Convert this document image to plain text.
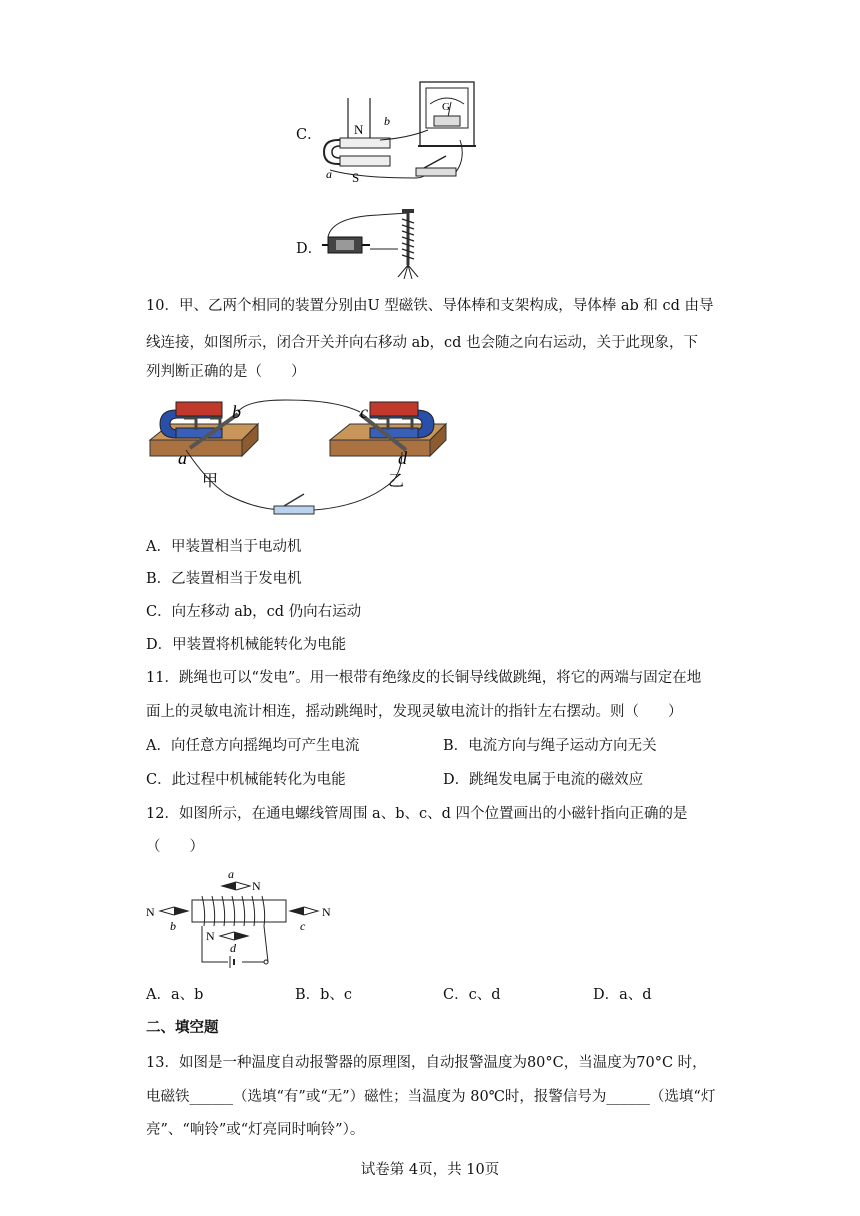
C． N
S
a
b
G
D．
10．甲、乙两个相同的装置分别由U 型磁铁、导体棒和支架构成，导体棒 ab 和 cd 由导
线连接，如图所示，闭合开关并向右移动 ab，cd 也会随之向右运动，关于此现象，下
列判断正确的是（　　）
b
a
甲
c
d
乙
A．甲装置相当于电动机
B．乙装置相当于发电机
C．向左移动 ab，cd 仍向右运动
D．甲装置将机械能转化为电能
11．跳绳也可以“发电”。用一根带有绝缘皮的长铜导线做跳绳，将它的两端与固定在地
面上的灵敏电流计相连，摇动跳绳时，发现灵敏电流计的指针左右摆动。则（　　）
A．向任意方向摇绳均可产生电流	B．电流方向与绳子运动方向无关
C．此过程中机械能转化为电能	D．跳绳发电属于电流的磁效应
12．如图所示，在通电螺线管周围 a、b、c、d 四个位置画出的小磁针指向正确的是
（　　）
a
N
N
b
N
c
N
d
A．a、b	B．b、c	C．c、d	D．a、d
二、填空题
13．如图是一种温度自动报警器的原理图，自动报警温度为80°C，当温度为70°C 时，
电磁铁______（选填“有”或“无”）磁性；当温度为 80℃时，报警信号为______（选填“灯
亮”、“响铃”或“灯亮同时响铃”）。
试卷第 4页，共 10页
